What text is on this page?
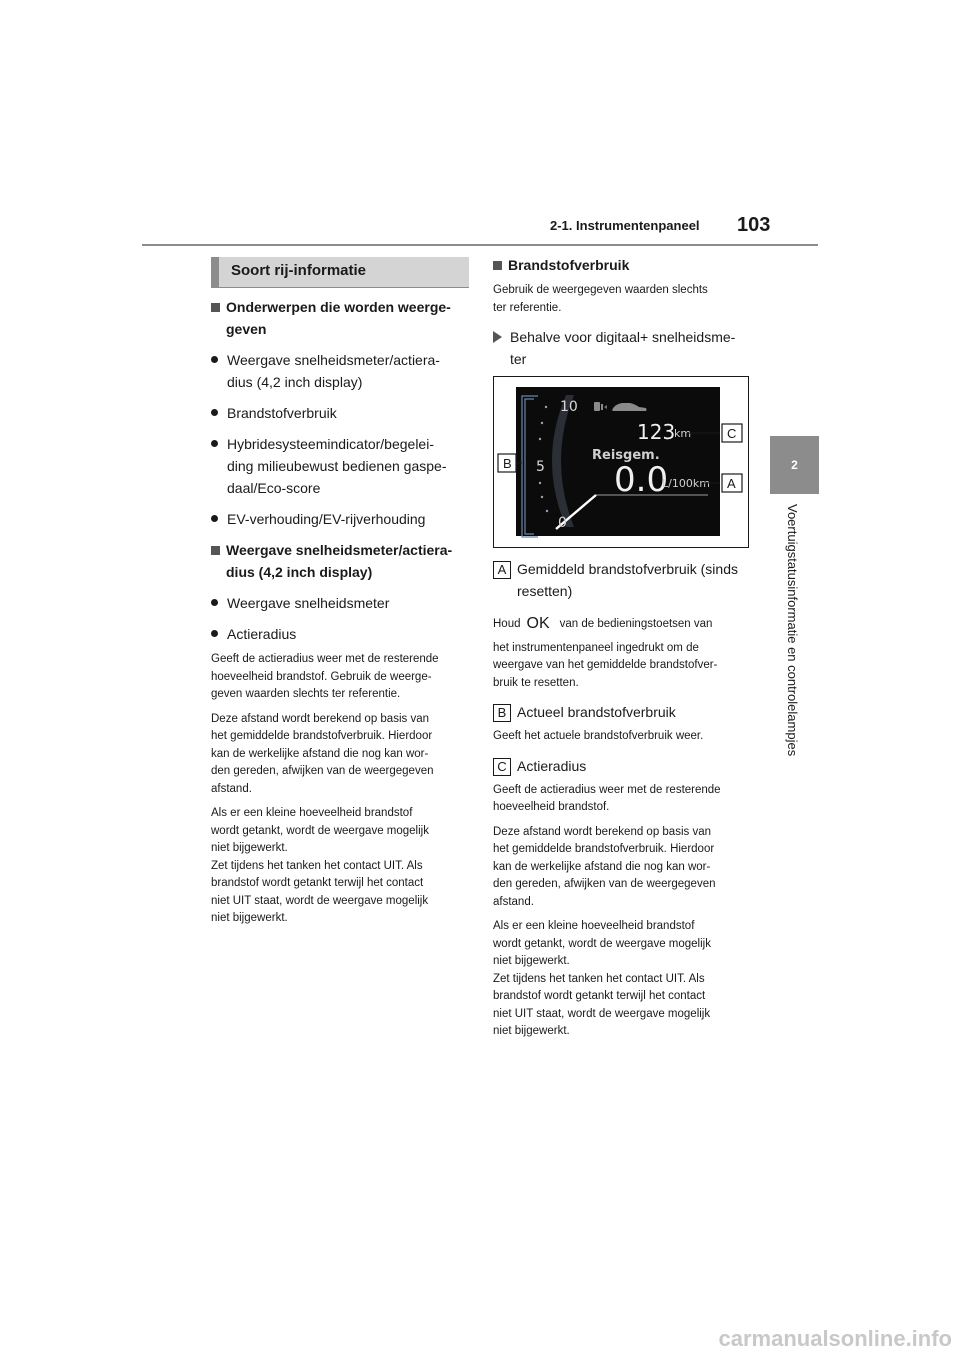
2-1. Instrumentenpaneel 103
2
Voertuigstatusinformatie en controlelampjes
Soort rij-informatie
Onderwerpen die worden weerge-
geven
Weergave snelheidsmeter/actiera-
dius (4,2 inch display)
Brandstofverbruik
Hybridesysteemindicator/begelei-
ding milieubewust bedienen gaspe-
daal/Eco-score
EV-verhouding/EV-rijverhouding
Weergave snelheidsmeter/actiera-
dius (4,2 inch display)
Weergave snelheidsmeter
Actieradius
Geeft de actieradius weer met de resterende
hoeveelheid brandstof. Gebruik de weerge-
geven waarden slechts ter referentie.
Deze afstand wordt berekend op basis van
het gemiddelde brandstofverbruik. Hierdoor
kan de werkelijke afstand die nog kan wor-
den gereden, afwijken van de weergegeven
afstand.
Als er een kleine hoeveelheid brandstof
wordt getankt, wordt de weergave mogelijk
niet bijgewerkt.
Zet tijdens het tanken het contact UIT. Als
brandstof wordt getankt terwijl het contact
niet UIT staat, wordt de weergave mogelijk
niet bijgewerkt.
Brandstofverbruik
Gebruik de weergegeven waarden slechts
ter referentie.
Behalve voor digitaal+ snelheidsme-
ter
10
5
0
123
km
Reisgem.
0.0
L/100km
B
C
A
A Gemiddeld brandstofverbruik (sinds
resetten)
Houd OK van de bedieningstoetsen van
het instrumentenpaneel ingedrukt om de
weergave van het gemiddelde brandstofver-
bruik te resetten.
B Actueel brandstofverbruik
Geeft het actuele brandstofverbruik weer.
C Actieradius
Geeft de actieradius weer met de resterende
hoeveelheid brandstof.
Deze afstand wordt berekend op basis van
het gemiddelde brandstofverbruik. Hierdoor
kan de werkelijke afstand die nog kan wor-
den gereden, afwijken van de weergegeven
afstand.
Als er een kleine hoeveelheid brandstof
wordt getankt, wordt de weergave mogelijk
niet bijgewerkt.
Zet tijdens het tanken het contact UIT. Als
brandstof wordt getankt terwijl het contact
niet UIT staat, wordt de weergave mogelijk
niet bijgewerkt.
carmanualsonline.info
